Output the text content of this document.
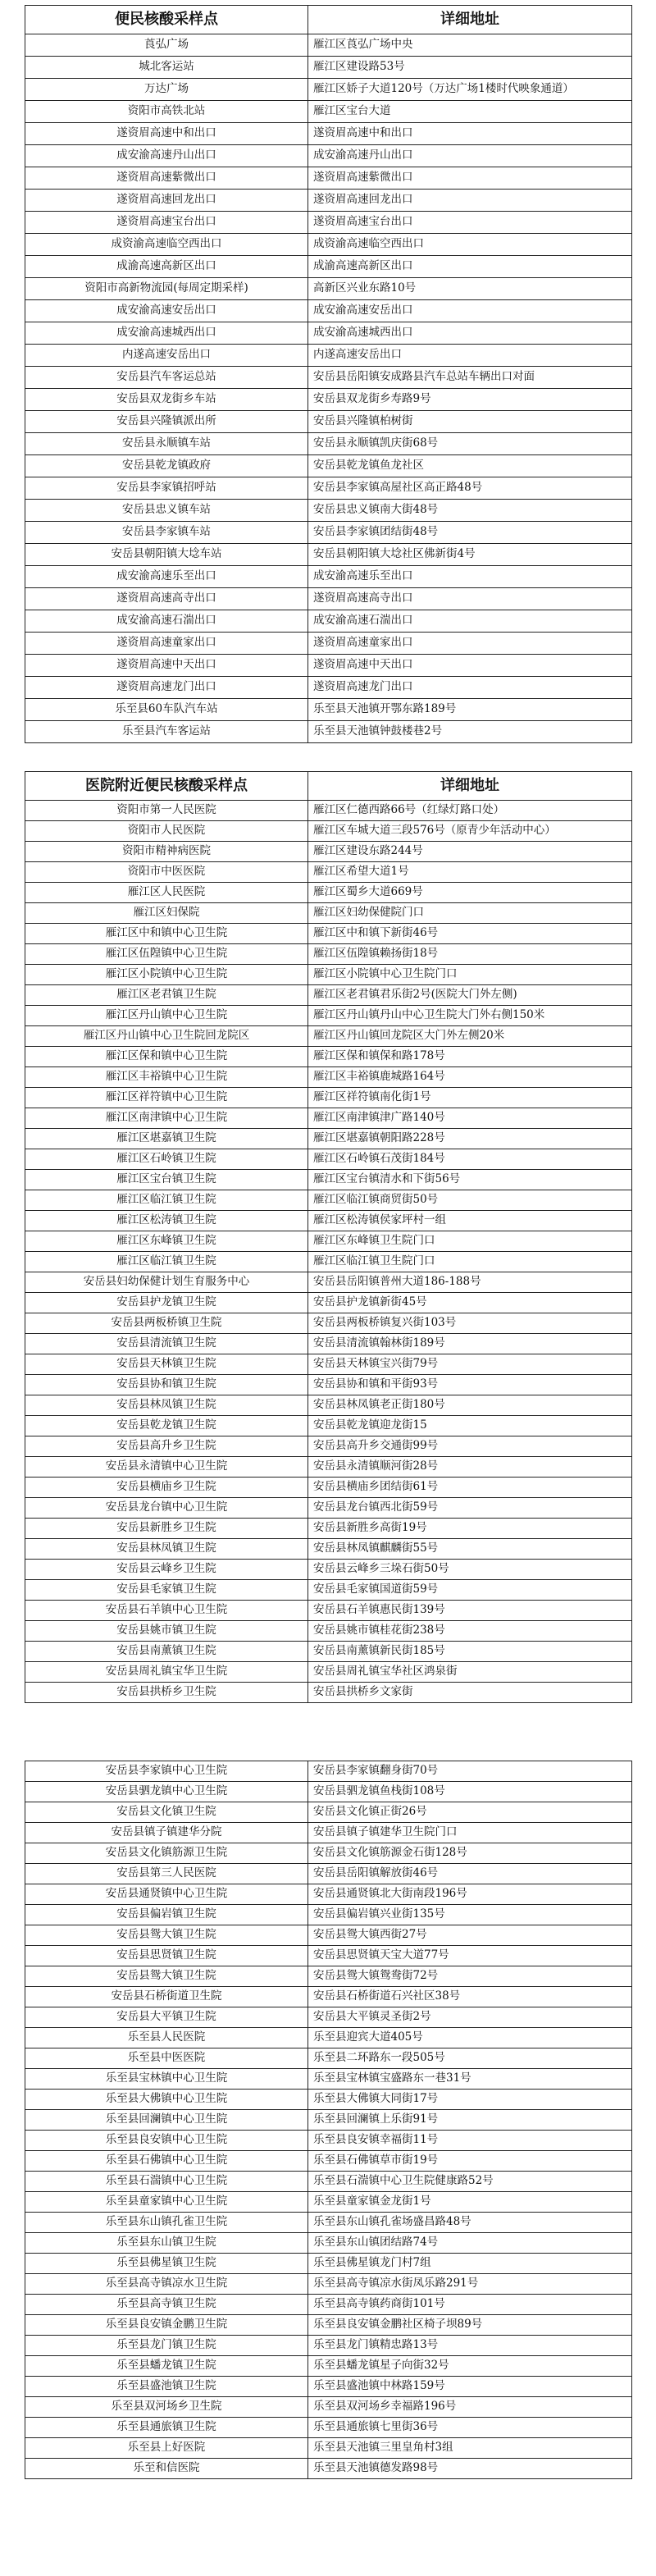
便民核酸采样点	详细地址
莨弘广场	雁江区莨弘广场中央
城北客运站	雁江区建设路53号
万达广场	雁江区娇子大道120号（万达广场1楼时代映象通道）
资阳市高铁北站	雁江区宝台大道
遂资眉高速中和出口	遂资眉高速中和出口
成安渝高速丹山出口	成安渝高速丹山出口
遂资眉高速紫微出口	遂资眉高速紫微出口
遂资眉高速回龙出口	遂资眉高速回龙出口
遂资眉高速宝台出口	遂资眉高速宝台出口
成资渝高速临空西出口	成资渝高速临空西出口
成渝高速高新区出口	成渝高速高新区出口
资阳市高新物流园(每周定期采样)	高新区兴业东路10号
成安渝高速安岳出口	成安渝高速安岳出口
成安渝高速城西出口	成安渝高速城西出口
内遂高速安岳出口	内遂高速安岳出口
安岳县汽车客运总站	安岳县岳阳镇安成路县汽车总站车辆出口对面
安岳县双龙街乡车站	安岳县双龙街乡寿路9号
安岳县兴隆镇派出所	安岳县兴隆镇柏树街
安岳县永顺镇车站	安岳县永顺镇凯庆街68号
安岳县乾龙镇政府	安岳县乾龙镇鱼龙社区
安岳县李家镇招呼站	安岳县李家镇高屋社区高正路48号
安岳县忠义镇车站	安岳县忠义镇南大街48号
安岳县李家镇车站	安岳县李家镇团结街48号
安岳县朝阳镇大埝车站	安岳县朝阳镇大埝社区佛新街4号
成安渝高速乐至出口	成安渝高速乐至出口
遂资眉高速高寺出口	遂资眉高速高寺出口
成安渝高速石湍出口	成安渝高速石湍出口
遂资眉高速童家出口	遂资眉高速童家出口
遂资眉高速中天出口	遂资眉高速中天出口
遂资眉高速龙门出口	遂资眉高速龙门出口
乐至县60车队汽车站	乐至县天池镇开鄂东路189号
乐至县汽车客运站	乐至县天池镇钟鼓楼巷2号
医院附近便民核酸采样点	详细地址
资阳市第一人民医院	雁江区仁德西路66号（红绿灯路口处）
资阳市人民医院	雁江区车城大道三段576号（原青少年活动中心）
资阳市精神病医院	雁江区建设东路244号
资阳市中医医院	雁江区希望大道1号
雁江区人民医院	雁江区蜀乡大道669号
雁江区妇保院	雁江区妇幼保健院门口
雁江区中和镇中心卫生院	雁江区中和镇下新街46号
雁江区伍隍镇中心卫生院	雁江区伍隍镇赖扬街18号
雁江区小院镇中心卫生院	雁江区小院镇中心卫生院门口
雁江区老君镇卫生院	雁江区老君镇君乐街2号(医院大门外左侧)
雁江区丹山镇中心卫生院	雁江区丹山镇丹山中心卫生院大门外右侧150米
雁江区丹山镇中心卫生院回龙院区	雁江区丹山镇回龙院区大门外左侧20米
雁江区保和镇中心卫生院	雁江区保和镇保和路178号
雁江区丰裕镇中心卫生院	雁江区丰裕镇鹿城路164号
雁江区祥符镇中心卫生院	雁江区祥符镇南化街1号
雁江区南津镇中心卫生院	雁江区南津镇津广路140号
雁江区堪嘉镇卫生院	雁江区堪嘉镇朝阳路228号
雁江区石岭镇卫生院	雁江区石岭镇石茂街184号
雁江区宝台镇卫生院	雁江区宝台镇清水和下街56号
雁江区临江镇卫生院	雁江区临江镇商贸街50号
雁江区松涛镇卫生院	雁江区松涛镇侯家坪村一组
雁江区东峰镇卫生院	雁江区东峰镇卫生院门口
雁江区临江镇卫生院	雁江区临江镇卫生院门口
安岳县妇幼保健计划生育服务中心	安岳县岳阳镇普州大道186-188号
安岳县护龙镇卫生院	安岳县护龙镇新街45号
安岳县两板桥镇卫生院	安岳县两板桥镇复兴街103号
安岳县清流镇卫生院	安岳县清流镇翰林街189号
安岳县天林镇卫生院	安岳县天林镇宝兴街79号
安岳县协和镇卫生院	安岳县协和镇和平街93号
安岳县林凤镇卫生院	安岳县林凤镇老正街180号
安岳县乾龙镇卫生院	安岳县乾龙镇迎龙街15
安岳县高升乡卫生院	安岳县高升乡交通街99号
安岳县永清镇中心卫生院	安岳县永清镇顺河街28号
安岳县横庙乡卫生院	安岳县横庙乡团结街61号
安岳县龙台镇中心卫生院	安岳县龙台镇西北街59号
安岳县新胜乡卫生院	安岳县新胜乡高街19号
安岳县林凤镇卫生院	安岳县林凤镇麒麟街55号
安岳县云峰乡卫生院	安岳县云峰乡三垛石街50号
安岳县毛家镇卫生院	安岳县毛家镇国道街59号
安岳县石羊镇中心卫生院	安岳县石羊镇惠民街139号
安岳县姚市镇卫生院	安岳县姚市镇桂花街238号
安岳县南薰镇卫生院	安岳县南薰镇新民街185号
安岳县周礼镇宝华卫生院	安岳县周礼镇宝华社区鸿泉街
安岳县拱桥乡卫生院	安岳县拱桥乡文家街
安岳县李家镇中心卫生院	安岳县李家镇翻身街70号
安岳县驷龙镇中心卫生院	安岳县驷龙镇鱼栈街108号
安岳县文化镇卫生院	安岳县文化镇正街26号
安岳县镇子镇建华分院	安岳县镇子镇建华卫生院门口
安岳县文化镇筋源卫生院	安岳县文化镇筋源金石街128号
安岳县第三人民医院	安岳县岳阳镇解放街46号
安岳县通贤镇中心卫生院	安岳县通贤镇北大街南段196号
安岳县偏岩镇卫生院	安岳县偏岩镇兴业街135号
安岳县鸳大镇卫生院	安岳县鸳大镇西街27号
安岳县思贤镇卫生院	安岳县思贤镇天宝大道77号
安岳县鸳大镇卫生院	安岳县鸳大镇鸳鸯街72号
安岳县石桥街道卫生院	安岳县石桥街道石兴社区38号
安岳县大平镇卫生院	安岳县大平镇灵圣街2号
乐至县人民医院	乐至县迎宾大道405号
乐至县中医医院	乐至县二环路东一段505号
乐至县宝林镇中心卫生院	乐至县宝林镇宝盛路东一巷31号
乐至县大佛镇中心卫生院	乐至县大佛镇大同街17号
乐至县回澜镇中心卫生院	乐至县回澜镇上乐街91号
乐至县良安镇中心卫生院	乐至县良安镇幸福街11号
乐至县石佛镇中心卫生院	乐至县石佛镇草市街19号
乐至县石湍镇中心卫生院	乐至县石湍镇中心卫生院健康路52号
乐至县童家镇中心卫生院	乐至县童家镇金龙街1号
乐至县东山镇孔雀卫生院	乐至县东山镇孔雀场盛昌路48号
乐至县东山镇卫生院	乐至县东山镇团结路74号
乐至县佛星镇卫生院	乐至县佛星镇龙门村7组
乐至县高寺镇凉水卫生院	乐至县高寺镇凉水街凤乐路291号
乐至县高寺镇卫生院	乐至县高寺镇药商街101号
乐至县良安镇金鹏卫生院	乐至县良安镇金鹏社区椅子坝89号
乐至县龙门镇卫生院	乐至县龙门镇精忠路13号
乐至县蟠龙镇卫生院	乐至县蟠龙镇星子向街32号
乐至县盛池镇卫生院	乐至县盛池镇中林路159号
乐至县双河场乡卫生院	乐至县双河场乡幸福路196号
乐至县通旅镇卫生院	乐至县通旅镇七里街36号
乐至县上好医院	乐至县天池镇三里皇角村3组
乐至和信医院	乐至县天池镇德发路98号
